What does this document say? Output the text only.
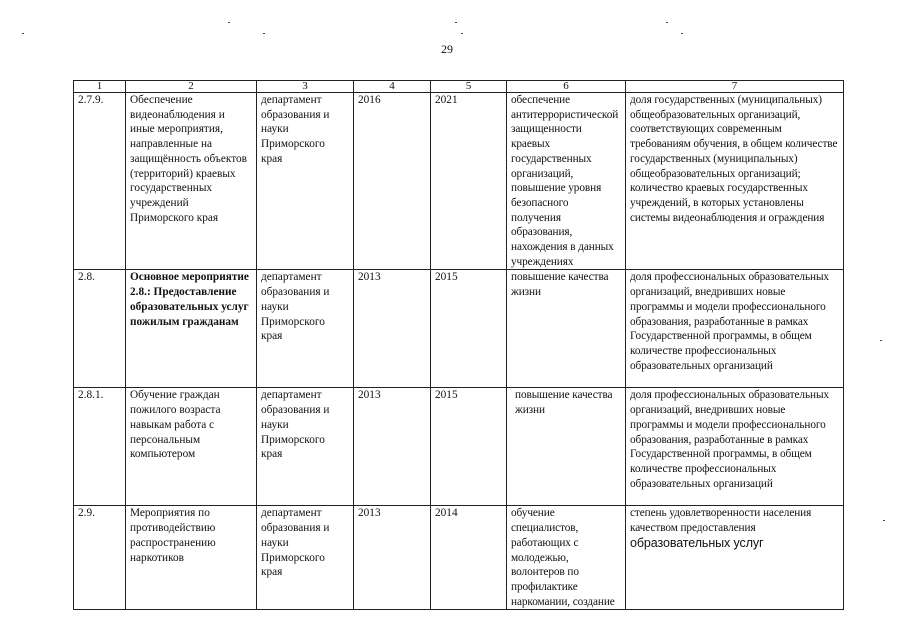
29
1	2	3	4	5	6	7
2.7.9.	Обеспечение видеонаблюдения и иные мероприятия, направленные на защищённость объектов (территорий) краевых государственных учреждений Приморского края	департамент образования и науки Приморского края	2016	2021	обеспечение антитеррористической защищенности краевых государственных организаций, повышение уровня безопасного получения образования, нахождения в данных учреждениях	доля государственных (муниципальных) общеобразовательных организаций, соответствующих современным требованиям обучения, в общем количестве государственных (муниципальных) общеобразовательных организаций; количество краевых государственных учреждений, в которых установлены системы видеонаблюдения и ограждения
2.8.	Основное мероприятие 2.8.: Предоставление образовательных услуг пожилым гражданам	департамент образования и науки Приморского края	2013	2015	повышение качества жизни	доля профессиональных образовательных организаций, внедривших новые программы и модели профессионального образования, разработанные в рамках Государственной программы, в общем количестве профессиональных образовательных организаций
2.8.1.	Обучение граждан пожилого возраста навыкам работа с персональным компьютером	департамент образования и науки Приморского края	2013	2015	повышение качества жизни	доля профессиональных образовательных организаций, внедривших новые программы и модели профессионального образования, разработанные в рамках Государственной программы, в общем количестве профессиональных образовательных организаций
2.9.	Мероприятия по противодействию распространению наркотиков	департамент образования и науки Приморского края	2013	2014	обучение специалистов, работающих с молодежью, волонтеров по профилактике наркомании, создание	степень удовлетворенности населения качеством предоставления образовательных услуг
